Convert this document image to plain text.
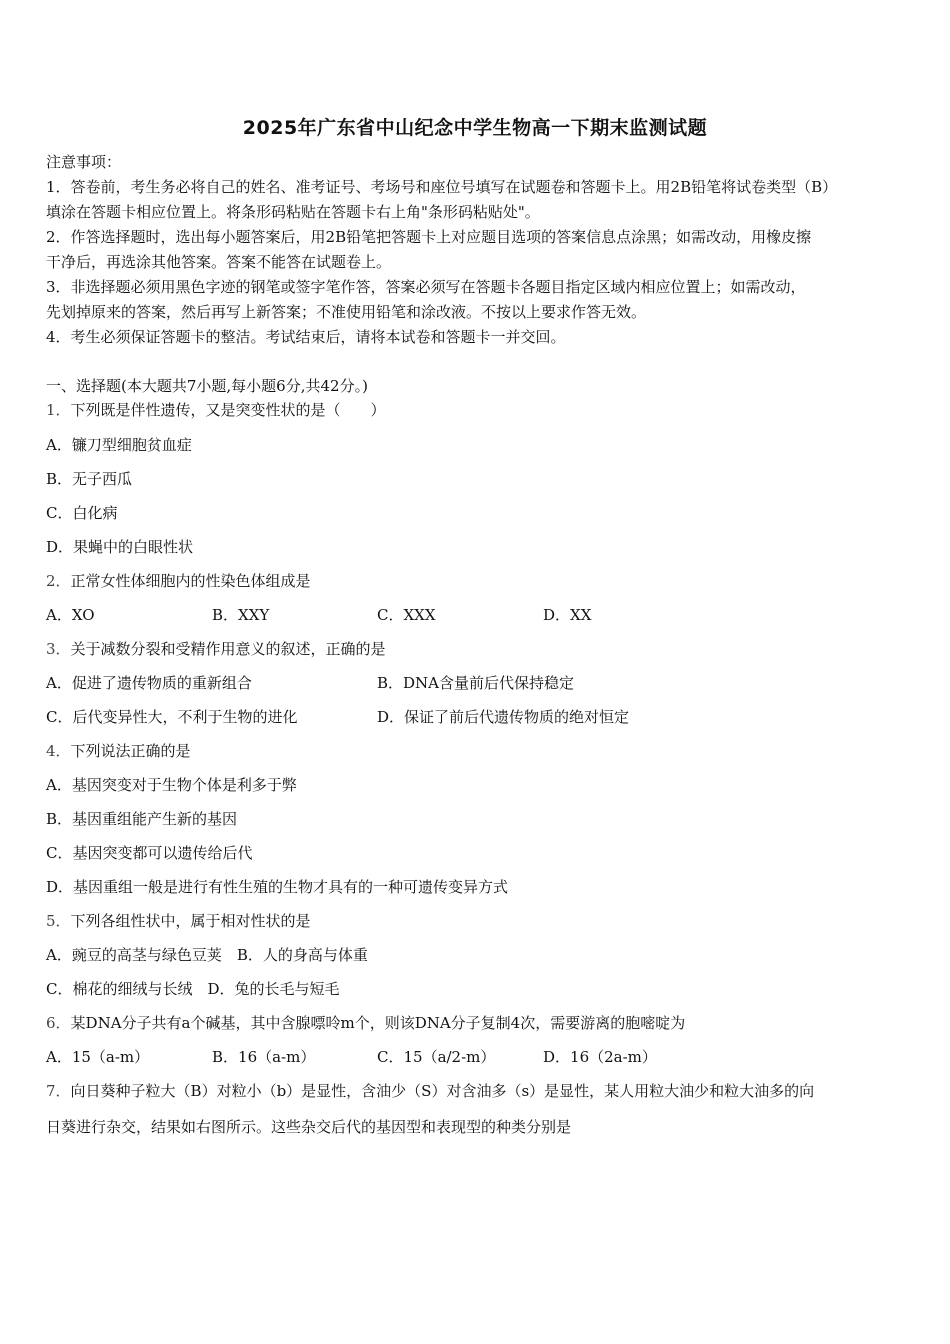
2025年广东省中山纪念中学生物高一下期末监测试题
注意事项：
1．答卷前，考生务必将自己的姓名、准考证号、考场号和座位号填写在试题卷和答题卡上。用2B铅笔将试卷类型（B）
填涂在答题卡相应位置上。将条形码粘贴在答题卡右上角"条形码粘贴处"。
2．作答选择题时，选出每小题答案后，用2B铅笔把答题卡上对应题目选项的答案信息点涂黑；如需改动，用橡皮擦
干净后，再选涂其他答案。答案不能答在试题卷上。
3．非选择题必须用黑色字迹的钢笔或签字笔作答，答案必须写在答题卡各题目指定区域内相应位置上；如需改动，
先划掉原来的答案，然后再写上新答案；不准使用铅笔和涂改液。不按以上要求作答无效。
4．考生必须保证答题卡的整洁。考试结束后，请将本试卷和答题卡一并交回。
一、选择题(本大题共7小题,每小题6分,共42分。)
1．下列既是伴性遗传，又是突变性状的是（　　）
A．镰刀型细胞贫血症
B．无子西瓜
C．白化病
D．果蝇中的白眼性状
2．正常女性体细胞内的性染色体组成是
A．XO	B．XXY	C．XXX	D．XX
3．关于减数分裂和受精作用意义的叙述，正确的是
A．促进了遗传物质的重新组合	B．DNA含量前后代保持稳定
C．后代变异性大，不利于生物的进化	D．保证了前后代遗传物质的绝对恒定
4．下列说法正确的是
A．基因突变对于生物个体是利多于弊
B．基因重组能产生新的基因
C．基因突变都可以遗传给后代
D．基因重组一般是进行有性生殖的生物才具有的一种可遗传变异方式
5．下列各组性状中，属于相对性状的是
A．豌豆的高茎与绿色豆荚　B．人的身高与体重
C．棉花的细绒与长绒　D．兔的长毛与短毛
6．某DNA分子共有a个碱基，其中含腺嘌呤m个，则该DNA分子复制4次，需要游离的胞嘧啶为
A．15（a-m）	B．16（a-m）	C．15（a/2-m）	D．16（2a-m）
7．向日葵种子粒大（B）对粒小（b）是显性，含油少（S）对含油多（s）是显性，某人用粒大油少和粒大油多的向
日葵进行杂交，结果如右图所示。这些杂交后代的基因型和表现型的种类分别是
